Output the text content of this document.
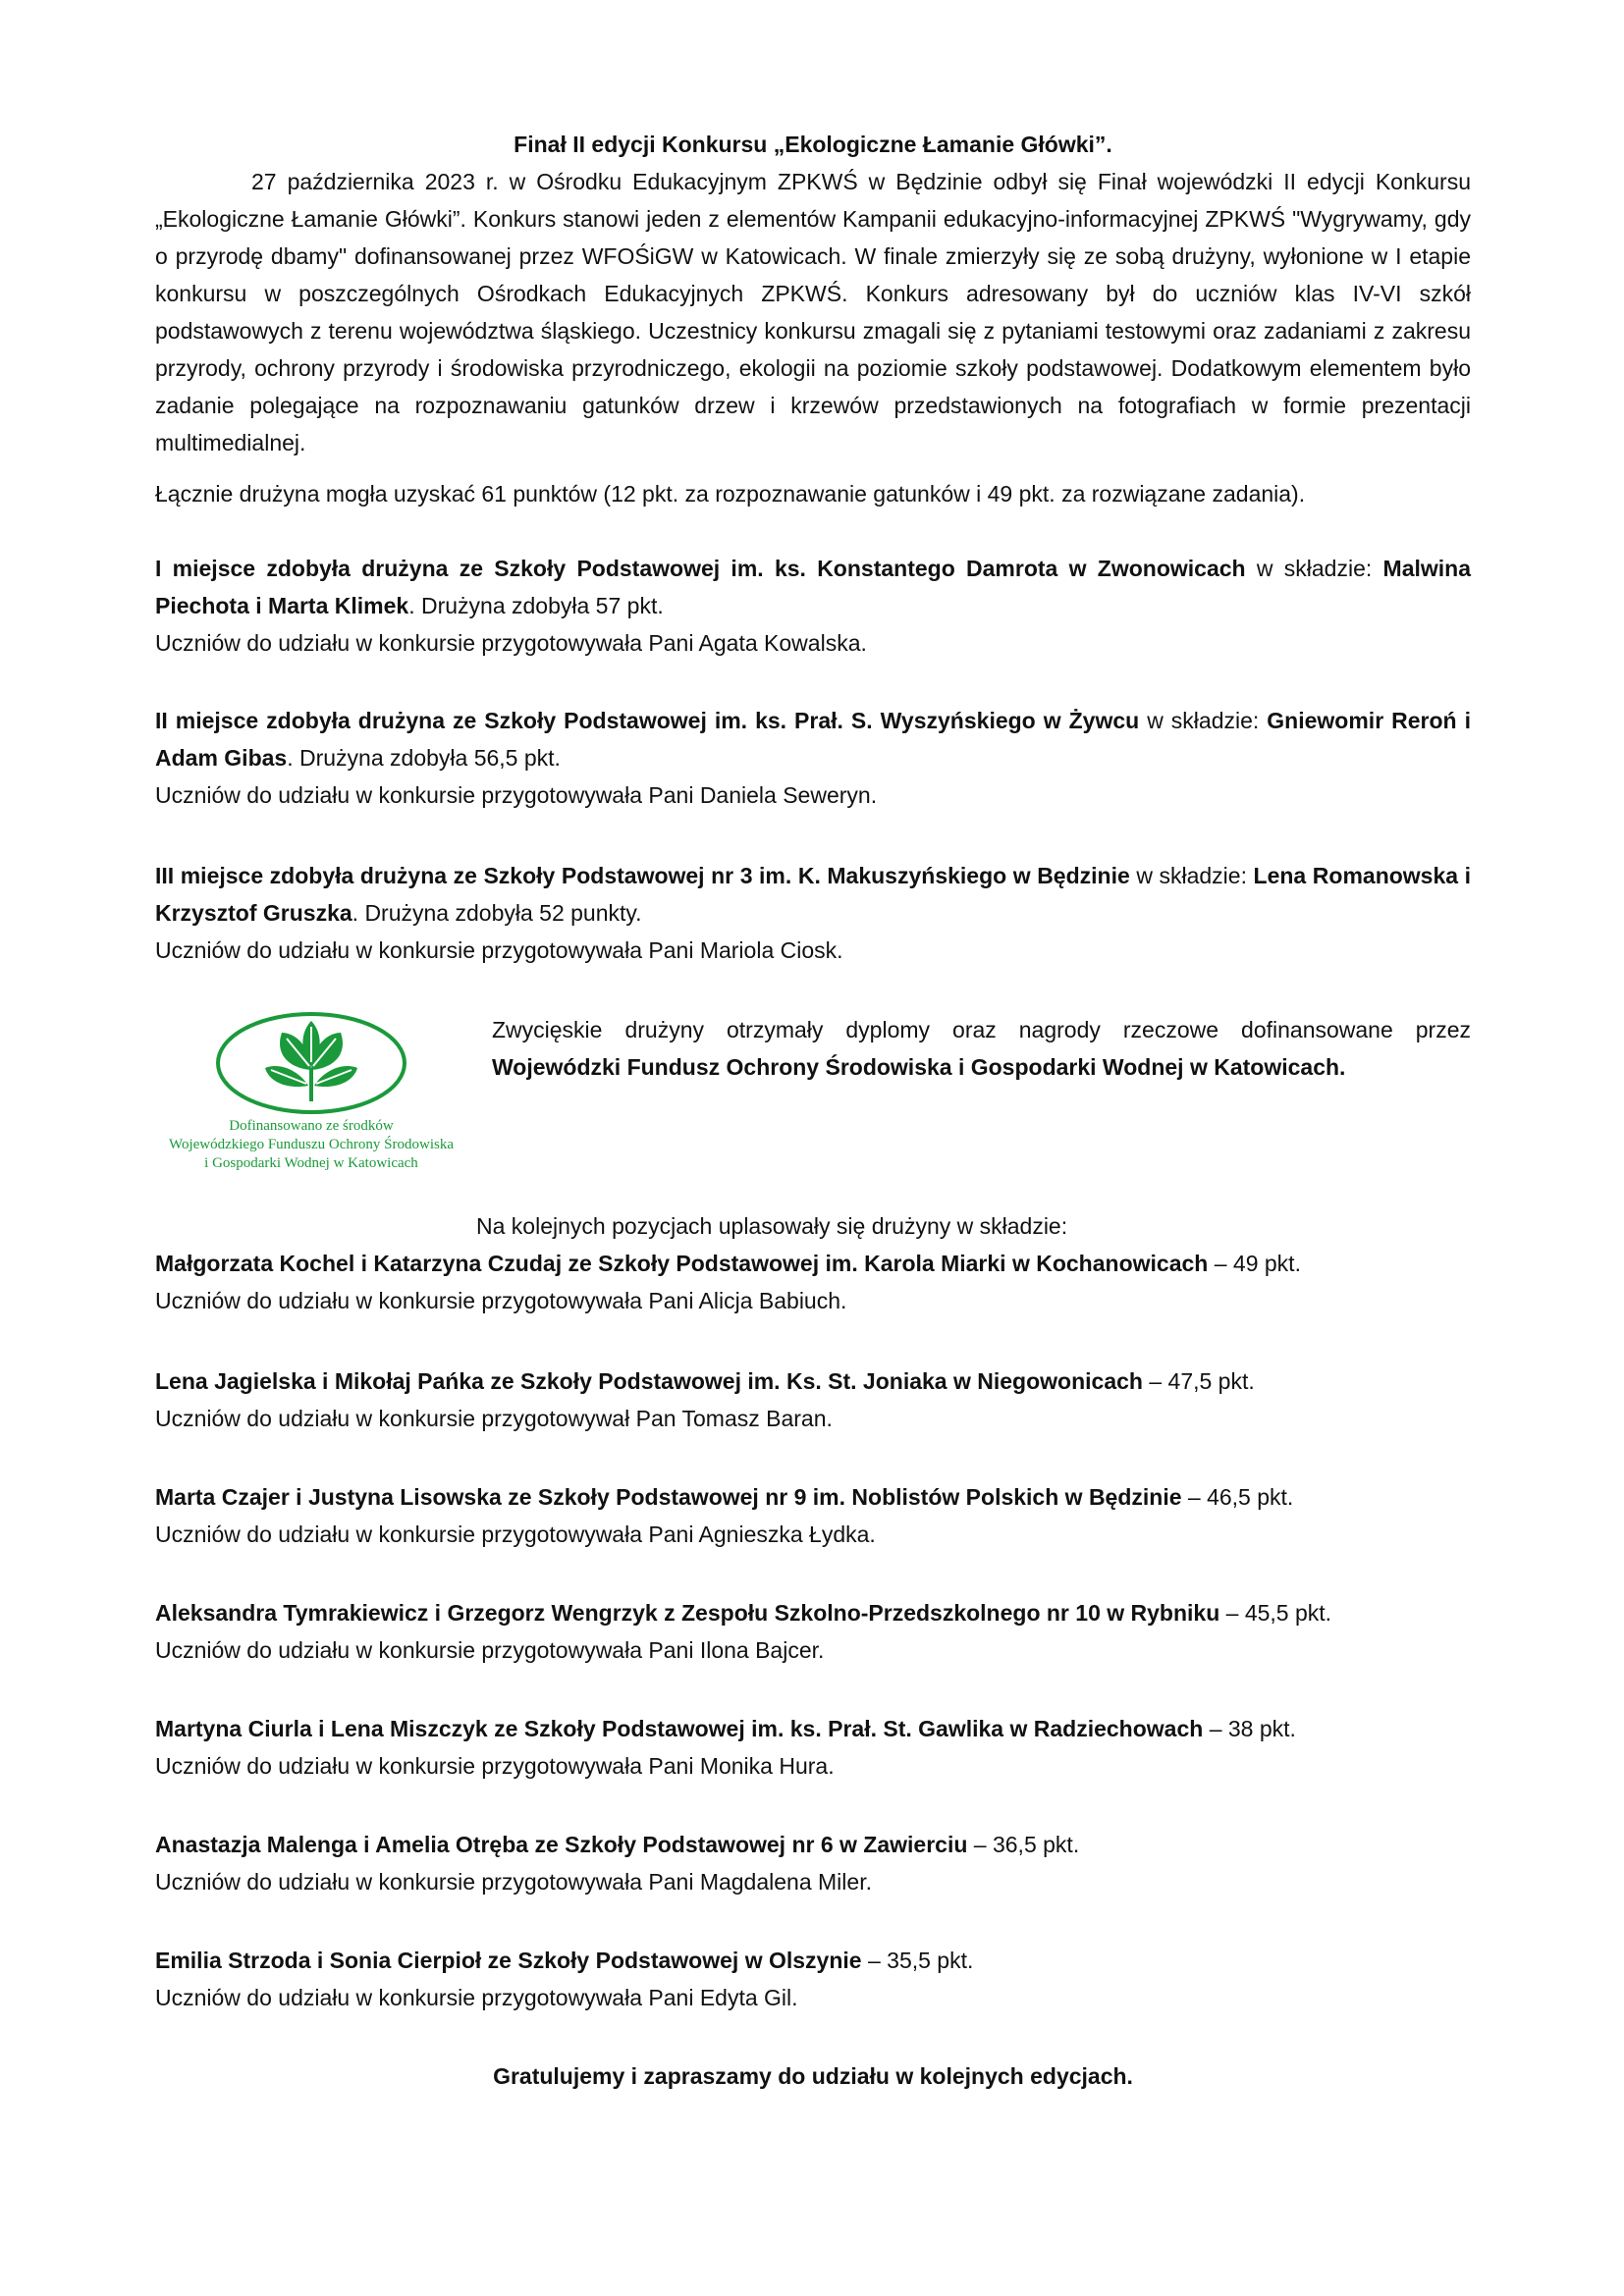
Finał II edycji Konkursu „Ekologiczne Łamanie Główki”.

27 października 2023 r. w Ośrodku Edukacyjnym ZPKWŚ w Będzinie odbył się Finał wojewódzki II edycji Konkursu „Ekologiczne Łamanie Główki”. Konkurs stanowi jeden z elementów Kampanii edukacyjno-informacyjnej ZPKWŚ "Wygrywamy, gdy o przyrodę dbamy" dofinansowanej przez WFOŚiGW w Katowicach. W finale zmierzyły się ze sobą drużyny, wyłonione w I etapie konkursu w poszczególnych Ośrodkach Edukacyjnych ZPKWŚ. Konkurs adresowany był do uczniów klas IV-VI szkół podstawowych z terenu województwa śląskiego. Uczestnicy konkursu zmagali się z pytaniami testowymi oraz zadaniami z zakresu przyrody, ochrony przyrody i środowiska przyrodniczego, ekologii na poziomie szkoły podstawowej. Dodatkowym elementem było zadanie polegające na rozpoznawaniu gatunków drzew i krzewów przedstawionych na fotografiach w formie prezentacji multimedialnej.

Łącznie drużyna mogła uzyskać 61 punktów (12 pkt. za rozpoznawanie gatunków i 49 pkt. za rozwiązane zadania).

I miejsce zdobyła drużyna ze Szkoły Podstawowej im. ks. Konstantego Damrota w Zwonowicach w składzie: Malwina Piechota i Marta Klimek. Drużyna zdobyła 57 pkt.
Uczniów do udziału w konkursie przygotowywała Pani Agata Kowalska.

II miejsce zdobyła drużyna ze Szkoły Podstawowej im. ks. Prał. S. Wyszyńskiego w Żywcu w składzie: Gniewomir Reroń i Adam Gibas. Drużyna zdobyła 56,5 pkt.
Uczniów do udziału w konkursie przygotowywała Pani Daniela Seweryn.

III miejsce zdobyła drużyna ze Szkoły Podstawowej nr 3 im. K. Makuszyńskiego w Będzinie w składzie: Lena Romanowska i Krzysztof Gruszka. Drużyna zdobyła 52 punkty.
Uczniów do udziału w konkursie przygotowywała Pani Mariola Ciosk.

Dofinansowano ze środków
Wojewódzkiego Funduszu Ochrony Środowiska
i Gospodarki Wodnej w Katowicach

Zwycięskie drużyny otrzymały dyplomy oraz nagrody rzeczowe dofinansowane przez Wojewódzki Fundusz Ochrony Środowiska i Gospodarki Wodnej w Katowicach.

Na kolejnych pozycjach uplasowały się drużyny w składzie:

Małgorzata Kochel i Katarzyna Czudaj ze Szkoły Podstawowej im. Karola Miarki w Kochanowicach – 49 pkt.
Uczniów do udziału w konkursie przygotowywała Pani Alicja Babiuch.

Lena Jagielska i Mikołaj Pańka ze Szkoły Podstawowej im. Ks. St. Joniaka w Niegowonicach – 47,5 pkt.
Uczniów do udziału w konkursie przygotowywał Pan Tomasz Baran.

Marta Czajer i Justyna Lisowska ze Szkoły Podstawowej nr 9 im. Noblistów Polskich w Będzinie – 46,5 pkt.
Uczniów do udziału w konkursie przygotowywała Pani Agnieszka Łydka.

Aleksandra Tymrakiewicz i Grzegorz Wengrzyk z Zespołu Szkolno-Przedszkolnego nr 10 w Rybniku – 45,5 pkt.
Uczniów do udziału w konkursie przygotowywała Pani Ilona Bajcer.

Martyna Ciurla i Lena Miszczyk ze Szkoły Podstawowej im. ks. Prał. St. Gawlika w Radziechowach – 38 pkt.
Uczniów do udziału w konkursie przygotowywała Pani Monika Hura.

Anastazja Malenga i Amelia Otręba ze Szkoły Podstawowej nr 6 w Zawierciu – 36,5 pkt.
Uczniów do udziału w konkursie przygotowywała Pani Magdalena Miler.

Emilia Strzoda i Sonia Cierpioł ze Szkoły Podstawowej w Olszynie – 35,5 pkt.
Uczniów do udziału w konkursie przygotowywała Pani Edyta Gil.

Gratulujemy i zapraszamy do udziału w kolejnych edycjach.
